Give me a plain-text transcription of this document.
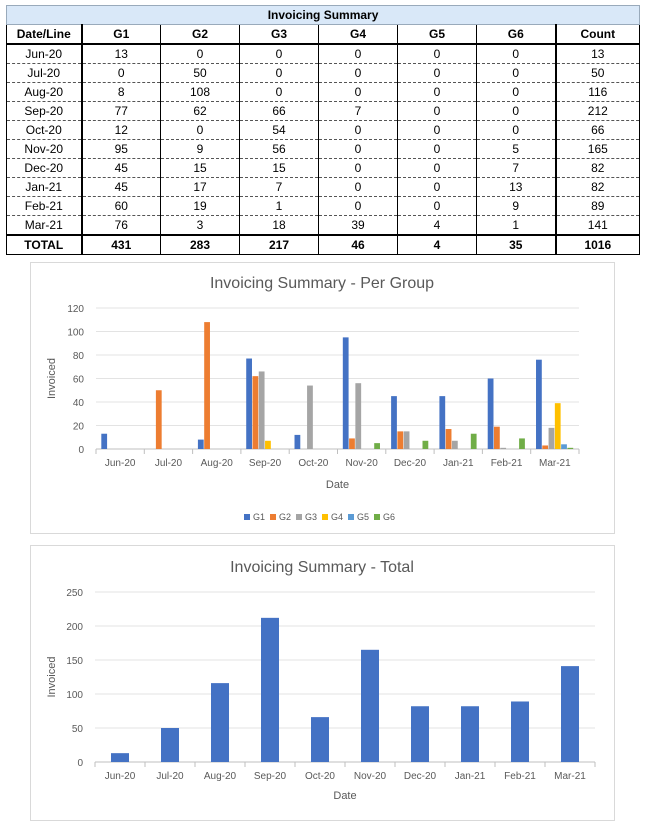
Invoicing Summary							
Date/Line	G1	G2	G3	G4	G5	G6	Count
Jun-20	13	0	0	0	0	0	13
Jul-20	0	50	0	0	0	0	50
Aug-20	8	108	0	0	0	0	116
Sep-20	77	62	66	7	0	0	212
Oct-20	12	0	54	0	0	0	66
Nov-20	95	9	56	0	0	5	165
Dec-20	45	15	15	0	0	7	82
Jan-21	45	17	7	0	0	13	82
Feb-21	60	19	1	0	0	9	89
Mar-21	76	3	18	39	4	1	141
TOTAL	431	283	217	46	4	35	1016
Invoicing Summary - Per Group
0
20
40
60
80
100
120
Invoiced
Jun-20 Jul-20 Aug-20 Sep-20 Oct-20 Nov-20 Dec-20 Jan-21 Feb-21 Mar-21
Date
G1 G2 G3 G4 G5 G6
Invoicing Summary - Total
0
50
100
150
200
250
Invoiced
Jun-20 Jul-20 Aug-20 Sep-20 Oct-20 Nov-20 Dec-20 Jan-21 Feb-21 Mar-21
Date
